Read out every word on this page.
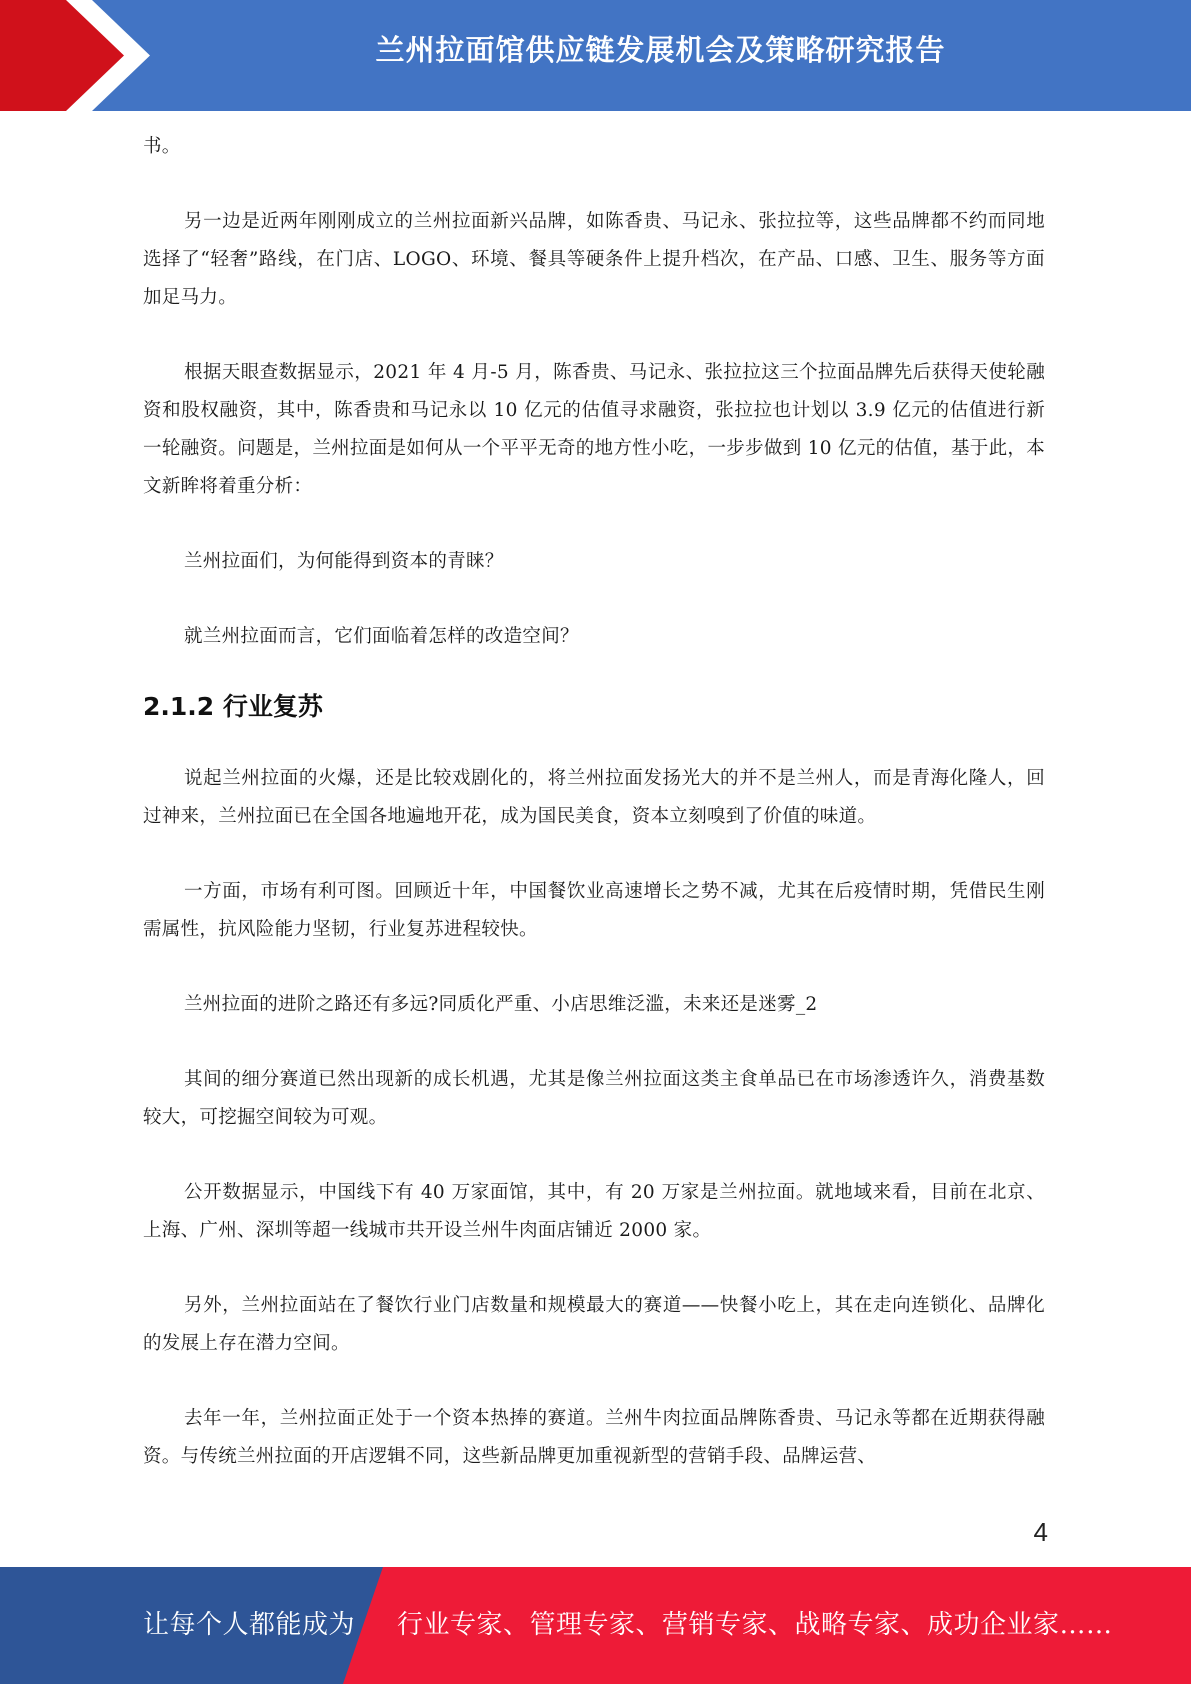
兰州拉面馆供应链发展机会及策略研究报告

书。

另一边是近两年刚刚成立的兰州拉面新兴品牌，如陈香贵、马记永、张拉拉等，这些品牌都不约而同地选择了“轻奢”路线，在门店、LOGO、环境、餐具等硬条件上提升档次，在产品、口感、卫生、服务等方面加足马力。

根据天眼查数据显示，2021 年 4 月-5 月，陈香贵、马记永、张拉拉这三个拉面品牌先后获得天使轮融资和股权融资，其中，陈香贵和马记永以 10 亿元的估值寻求融资，张拉拉也计划以 3.9 亿元的估值进行新一轮融资。问题是，兰州拉面是如何从一个平平无奇的地方性小吃，一步步做到 10 亿元的估值，基于此，本文新眸将着重分析：

兰州拉面们，为何能得到资本的青睐？

就兰州拉面而言，它们面临着怎样的改造空间？

2.1.2 行业复苏

说起兰州拉面的火爆，还是比较戏剧化的，将兰州拉面发扬光大的并不是兰州人，而是青海化隆人，回过神来，兰州拉面已在全国各地遍地开花，成为国民美食，资本立刻嗅到了价值的味道。

一方面，市场有利可图。回顾近十年，中国餐饮业高速增长之势不减，尤其在后疫情时期，凭借民生刚需属性，抗风险能力坚韧，行业复苏进程较快。

兰州拉面的进阶之路还有多远?同质化严重、小店思维泛滥，未来还是迷雾_2

其间的细分赛道已然出现新的成长机遇，尤其是像兰州拉面这类主食单品已在市场渗透许久，消费基数较大，可挖掘空间较为可观。

公开数据显示，中国线下有 40 万家面馆，其中，有 20 万家是兰州拉面。就地域来看，目前在北京、上海、广州、深圳等超一线城市共开设兰州牛肉面店铺近 2000 家。

另外，兰州拉面站在了餐饮行业门店数量和规模最大的赛道——快餐小吃上，其在走向连锁化、品牌化的发展上存在潜力空间。

去年一年，兰州拉面正处于一个资本热捧的赛道。兰州牛肉拉面品牌陈香贵、马记永等都在近期获得融资。与传统兰州拉面的开店逻辑不同，这些新品牌更加重视新型的营销手段、品牌运营、

4
让每个人都能成为 行业专家、管理专家、营销专家、战略专家、成功企业家……
